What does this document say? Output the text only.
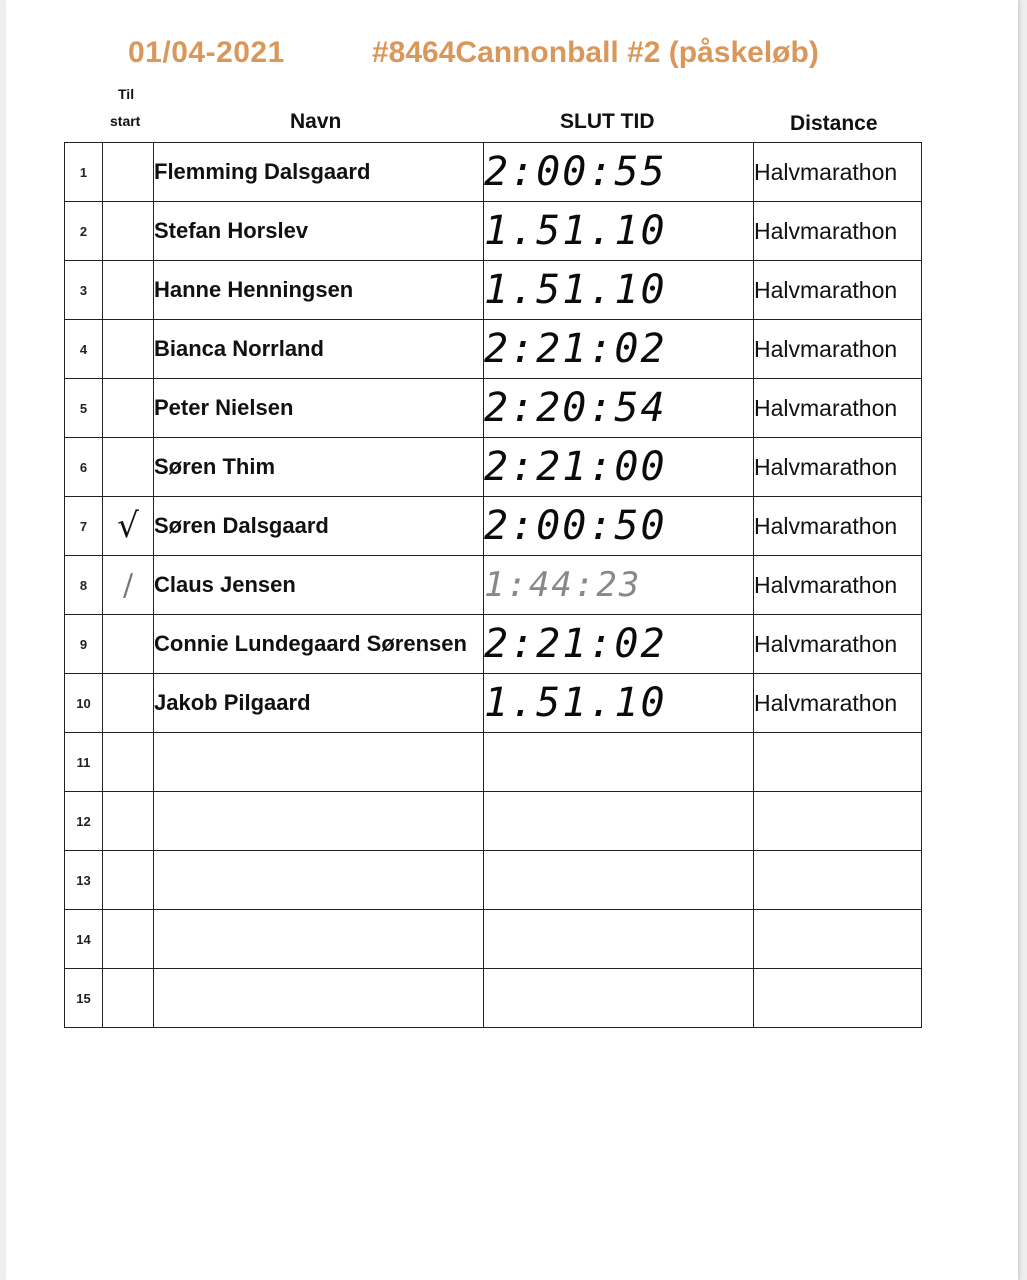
01/04-2021	#8464Cannonball #2 (påskeløb)
Til
start	Navn	SLUT TID	Distance
1		Flemming Dalsgaard	2:00:55	Halvmarathon
2		Stefan Horslev	1.51.10	Halvmarathon
3		Hanne Henningsen	1.51.10	Halvmarathon
4		Bianca Norrland	2:21:02	Halvmarathon
5		Peter Nielsen	2:20:54	Halvmarathon
6		Søren Thim	2:21:00	Halvmarathon
7	√	Søren Dalsgaard	2:00:50	Halvmarathon
8	/	Claus Jensen	1:44:23	Halvmarathon
9		Connie Lundegaard Sørensen	2:21:02	Halvmarathon
10		Jakob Pilgaard	1.51.10	Halvmarathon
11				
12				
13				
14				
15				
